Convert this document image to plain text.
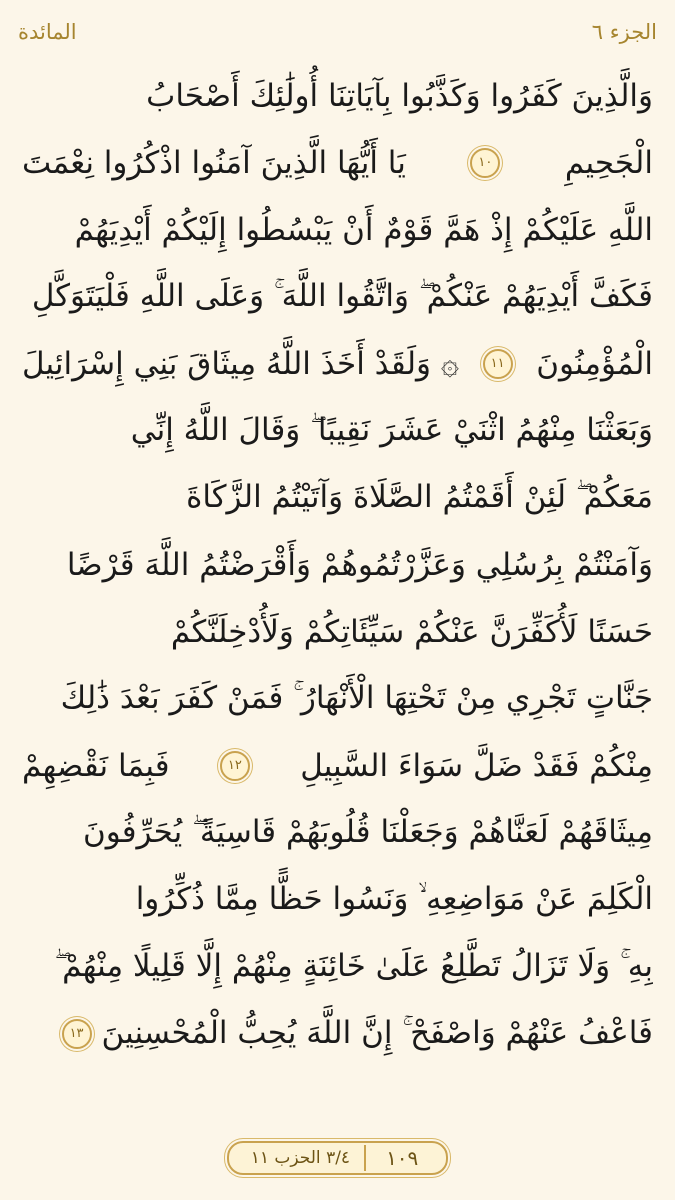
الجزء ٦
المائدة
وَالَّذِينَ كَفَرُوا وَكَذَّبُوا بِآيَاتِنَا أُولَٰئِكَ أَصْحَابُ
الْجَحِيمِ
١٠
يَا أَيُّهَا الَّذِينَ آمَنُوا اذْكُرُوا نِعْمَتَ
اللَّهِ عَلَيْكُمْ إِذْ هَمَّ قَوْمٌ أَنْ يَبْسُطُوا إِلَيْكُمْ أَيْدِيَهُمْ
فَكَفَّ أَيْدِيَهُمْ عَنْكُمْ ۖ وَاتَّقُوا اللَّهَ ۚ وَعَلَى اللَّهِ فَلْيَتَوَكَّلِ
الْمُؤْمِنُونَ
١١
۞ وَلَقَدْ أَخَذَ اللَّهُ مِيثَاقَ بَنِي إِسْرَائِيلَ
وَبَعَثْنَا مِنْهُمُ اثْنَيْ عَشَرَ نَقِيبًا ۖ وَقَالَ اللَّهُ إِنِّي
مَعَكُمْ ۖ لَئِنْ أَقَمْتُمُ الصَّلَاةَ وَآتَيْتُمُ الزَّكَاةَ
وَآمَنْتُمْ بِرُسُلِي وَعَزَّرْتُمُوهُمْ وَأَقْرَضْتُمُ اللَّهَ قَرْضًا
حَسَنًا لَأُكَفِّرَنَّ عَنْكُمْ سَيِّئَاتِكُمْ وَلَأُدْخِلَنَّكُمْ
جَنَّاتٍ تَجْرِي مِنْ تَحْتِهَا الْأَنْهَارُ ۚ فَمَنْ كَفَرَ بَعْدَ ذَٰلِكَ
مِنْكُمْ فَقَدْ ضَلَّ سَوَاءَ السَّبِيلِ
١٢
فَبِمَا نَقْضِهِمْ
مِيثَاقَهُمْ لَعَنَّاهُمْ وَجَعَلْنَا قُلُوبَهُمْ قَاسِيَةً ۖ يُحَرِّفُونَ
الْكَلِمَ عَنْ مَوَاضِعِهِ ۙ وَنَسُوا حَظًّا مِمَّا ذُكِّرُوا
بِهِ ۚ وَلَا تَزَالُ تَطَّلِعُ عَلَىٰ خَائِنَةٍ مِنْهُمْ إِلَّا قَلِيلًا مِنْهُمْ ۖ
فَاعْفُ عَنْهُمْ وَاصْفَحْ ۚ إِنَّ اللَّهَ يُحِبُّ الْمُحْسِنِينَ
١٣
١٠٩
٣/٤ الحزب ١١
